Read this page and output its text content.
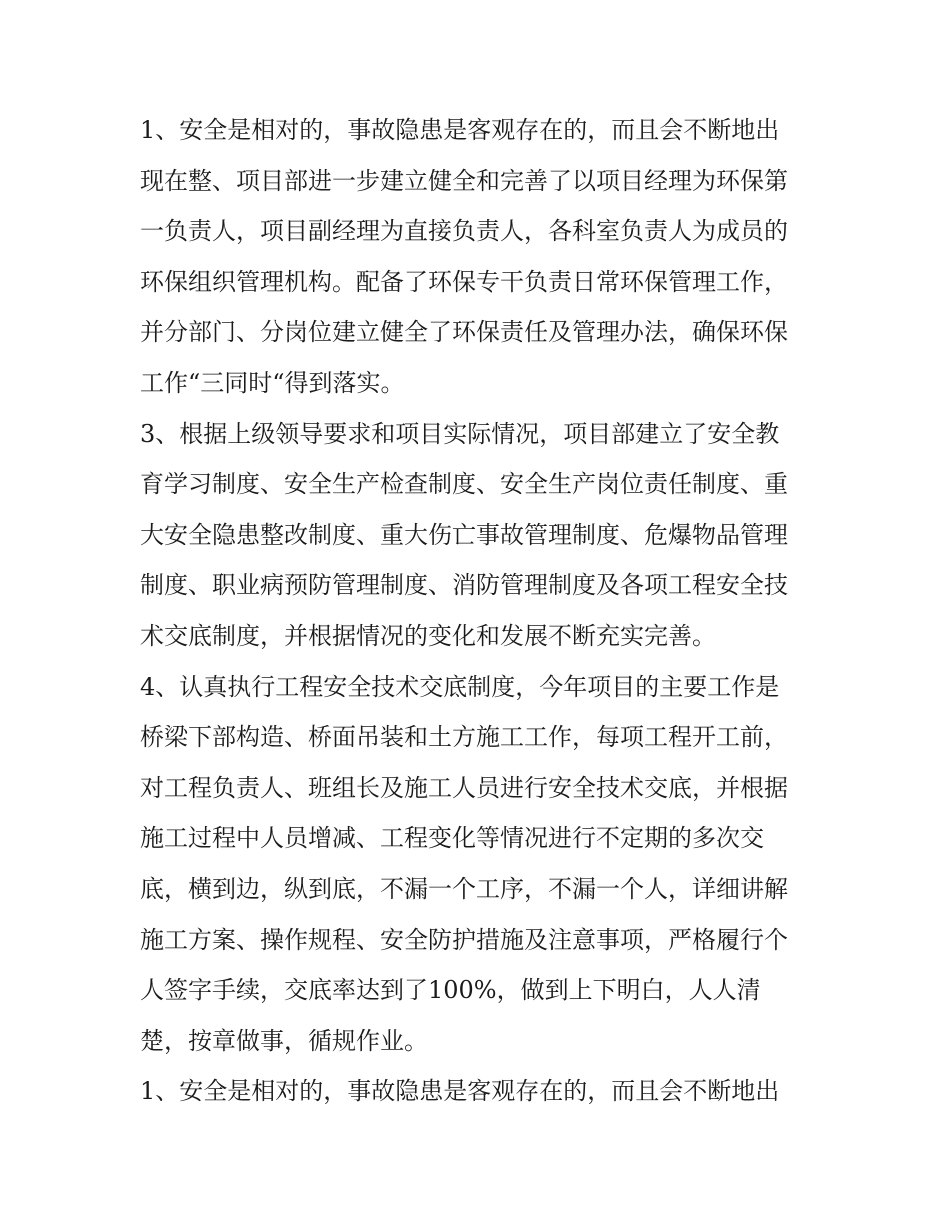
1、安全是相对的，事故隐患是客观存在的，而且会不断地出
现在整、项目部进一步建立健全和完善了以项目经理为环保第
一负责人，项目副经理为直接负责人，各科室负责人为成员的
环保组织管理机构。配备了环保专干负责日常环保管理工作，
并分部门、分岗位建立健全了环保责任及管理办法，确保环保
工作“三同时“得到落实。
3、根据上级领导要求和项目实际情况，项目部建立了安全教
育学习制度、安全生产检查制度、安全生产岗位责任制度、重
大安全隐患整改制度、重大伤亡事故管理制度、危爆物品管理
制度、职业病预防管理制度、消防管理制度及各项工程安全技
术交底制度，并根据情况的变化和发展不断充实完善。
4、认真执行工程安全技术交底制度，今年项目的主要工作是
桥梁下部构造、桥面吊装和土方施工工作，每项工程开工前，
对工程负责人、班组长及施工人员进行安全技术交底，并根据
施工过程中人员增减、工程变化等情况进行不定期的多次交
底，横到边，纵到底，不漏一个工序，不漏一个人，详细讲解
施工方案、操作规程、安全防护措施及注意事项，严格履行个
人签字手续，交底率达到了100%，做到上下明白，人人清
楚，按章做事，循规作业。
1、安全是相对的，事故隐患是客观存在的，而且会不断地出
